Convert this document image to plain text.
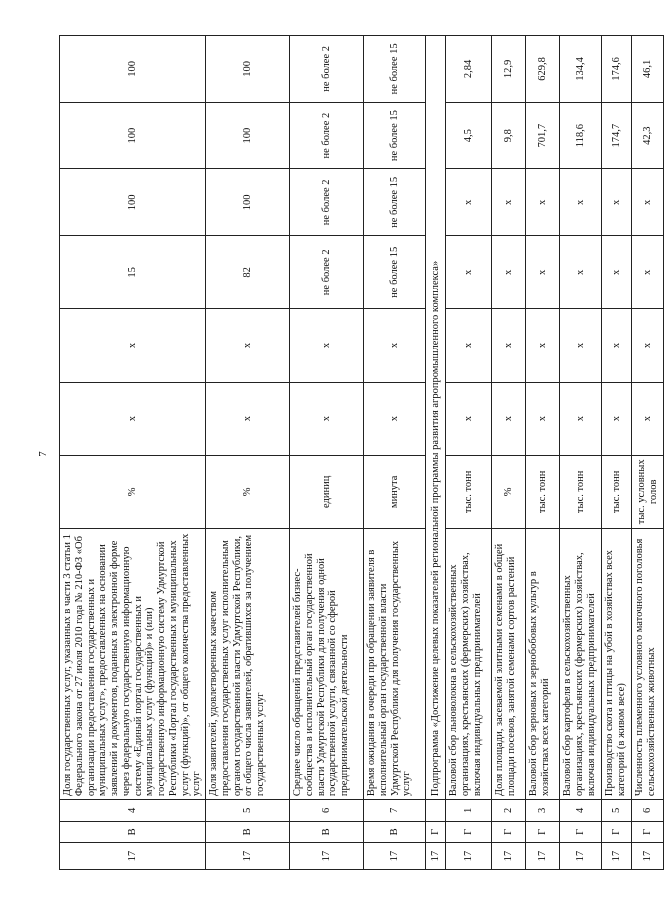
7
17	В	4	Доля государственных услуг, указанных в части 3 статьи 1 Федерального закона от 27 июля 2010 года № 210-ФЗ «Об организации предоставления государственных и муниципальных услуг», предоставленных на основании заявлений и документов, поданных в электронной форме через федеральную государственную информационную систему «Единый портал государственных и муниципальных услуг (функций)» и (или) государственную информационную систему Удмуртской Республики «Портал государственных и муниципальных услуг (функций)», от общего количества предоставленных услуг	%	x	x	15	100	100	100
17	В	5	Доля заявителей, удовлетворенных качеством предоставления государственных услуг исполнительным органом государственной власти Удмуртской Республики, от общего числа заявителей, обратившихся за получением государственных услуг	%	x	x	82	100	100	100
17	В	6	Среднее число обращений представителей бизнес-сообщества в исполнительный орган государственной власти Удмуртской Республики для получения одной государственной услуги, связанной со сферой предпринимательской деятельности	единиц	x	x	не более 2	не более 2	не более 2	не более 2
17	В	7	Время ожидания в очереди при обращении заявителя в исполнительный орган государственной власти Удмуртской Республики для получения государственных услуг	минута	x	x	не более 15	не более 15	не более 15	не более 15
17	Г		Подпрограмма «Достижение целевых показателей региональной программы развития агропромышленного комплекса»							
17	Г	1	Валовой сбор льноволокна в сельскохозяйственных организациях, крестьянских (фермерских) хозяйствах, включая индивидуальных предпринимателей	тыс. тонн	x	x	x	x	4,5	2,84
17	Г	2	Доля площади, засеваемой элитными семенами в общей площади посевов, занятой семенами сортов растений	%	x	x	x	x	9,8	12,9
17	Г	3	Валовой сбор зерновых и зернобобовых культур в хозяйствах всех категорий	тыс. тонн	x	x	x	x	701,7	629,8
17	Г	4	Валовой сбор картофеля в сельскохозяйственных организациях, крестьянских (фермерских) хозяйствах, включая индивидуальных предпринимателей	тыс. тонн	x	x	x	x	118,6	134,4
17	Г	5	Производство скота и птицы на убой в хозяйствах всех категорий (в живом весе)	тыс. тонн	x	x	x	x	174,7	174,6
17	Г	6	Численность племенного условного маточного поголовья сельскохозяйственных животных	тыс. условных голов	x	x	x	x	42,3	46,1
